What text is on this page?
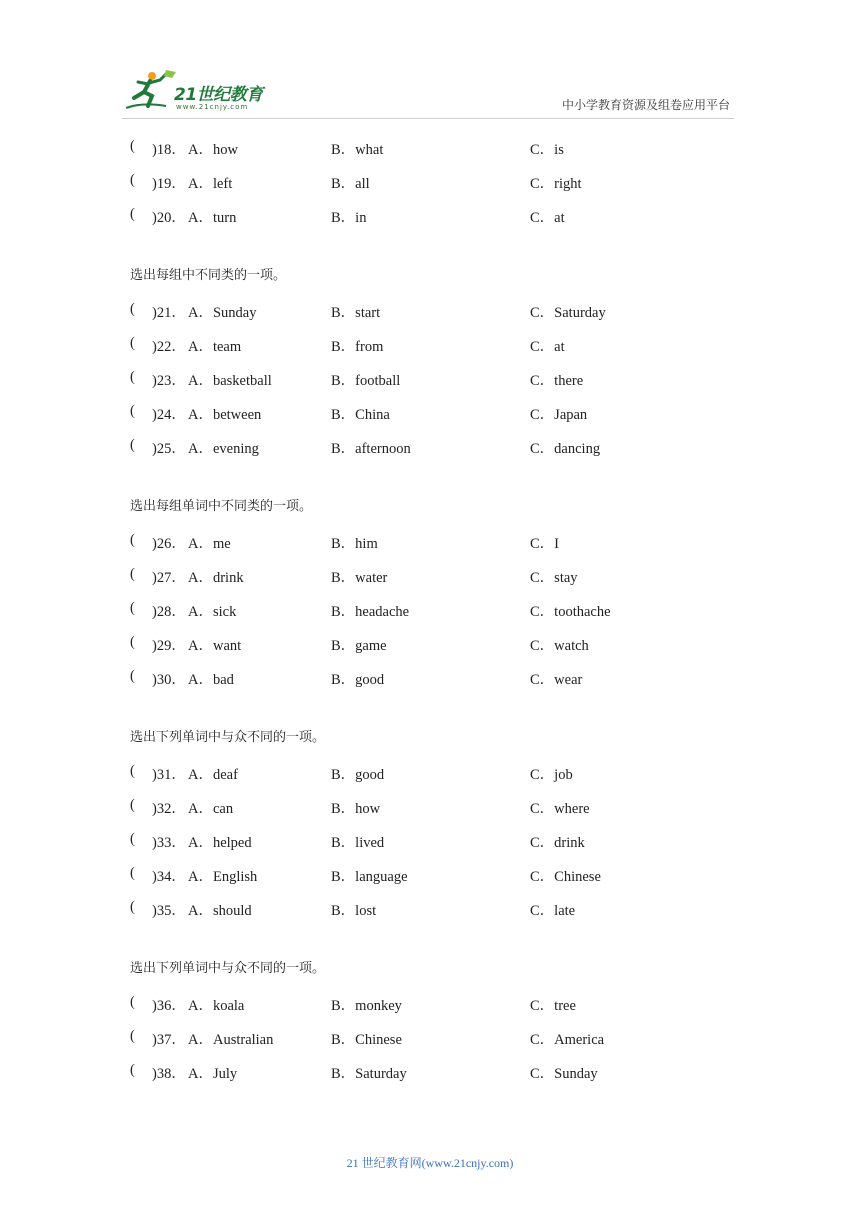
21世纪教育
www.21cnjy.com	中小学教育资源及组卷应用平台
( )18． A．how	B．what	C．is
( )19． A．left	B．all	C．right
( )20． A．turn	B．in	C．at
选出每组中不同类的一项。
( )21． A．Sunday	B．start	C．Saturday
( )22． A．team	B．from	C．at
( )23． A．basketball	B．football	C．there
( )24． A．between	B．China	C．Japan
( )25． A．evening	B．afternoon	C．dancing
选出每组单词中不同类的一项。
( )26． A．me	B．him	C．I
( )27． A．drink	B．water	C．stay
( )28． A．sick	B．headache	C．toothache
( )29． A．want	B．game	C．watch
( )30． A．bad	B．good	C．wear
选出下列单词中与众不同的一项。
( )31． A．deaf	B．good	C．job
( )32． A．can	B．how	C．where
( )33． A．helped	B．lived	C．drink
( )34． A．English	B．language	C．Chinese
( )35． A．should	B．lost	C．late
选出下列单词中与众不同的一项。
( )36． A．koala	B．monkey	C．tree
( )37． A．Australian	B．Chinese	C．America
( )38． A．July	B．Saturday	C．Sunday
21 世纪教育网(www.21cnjy.com)
